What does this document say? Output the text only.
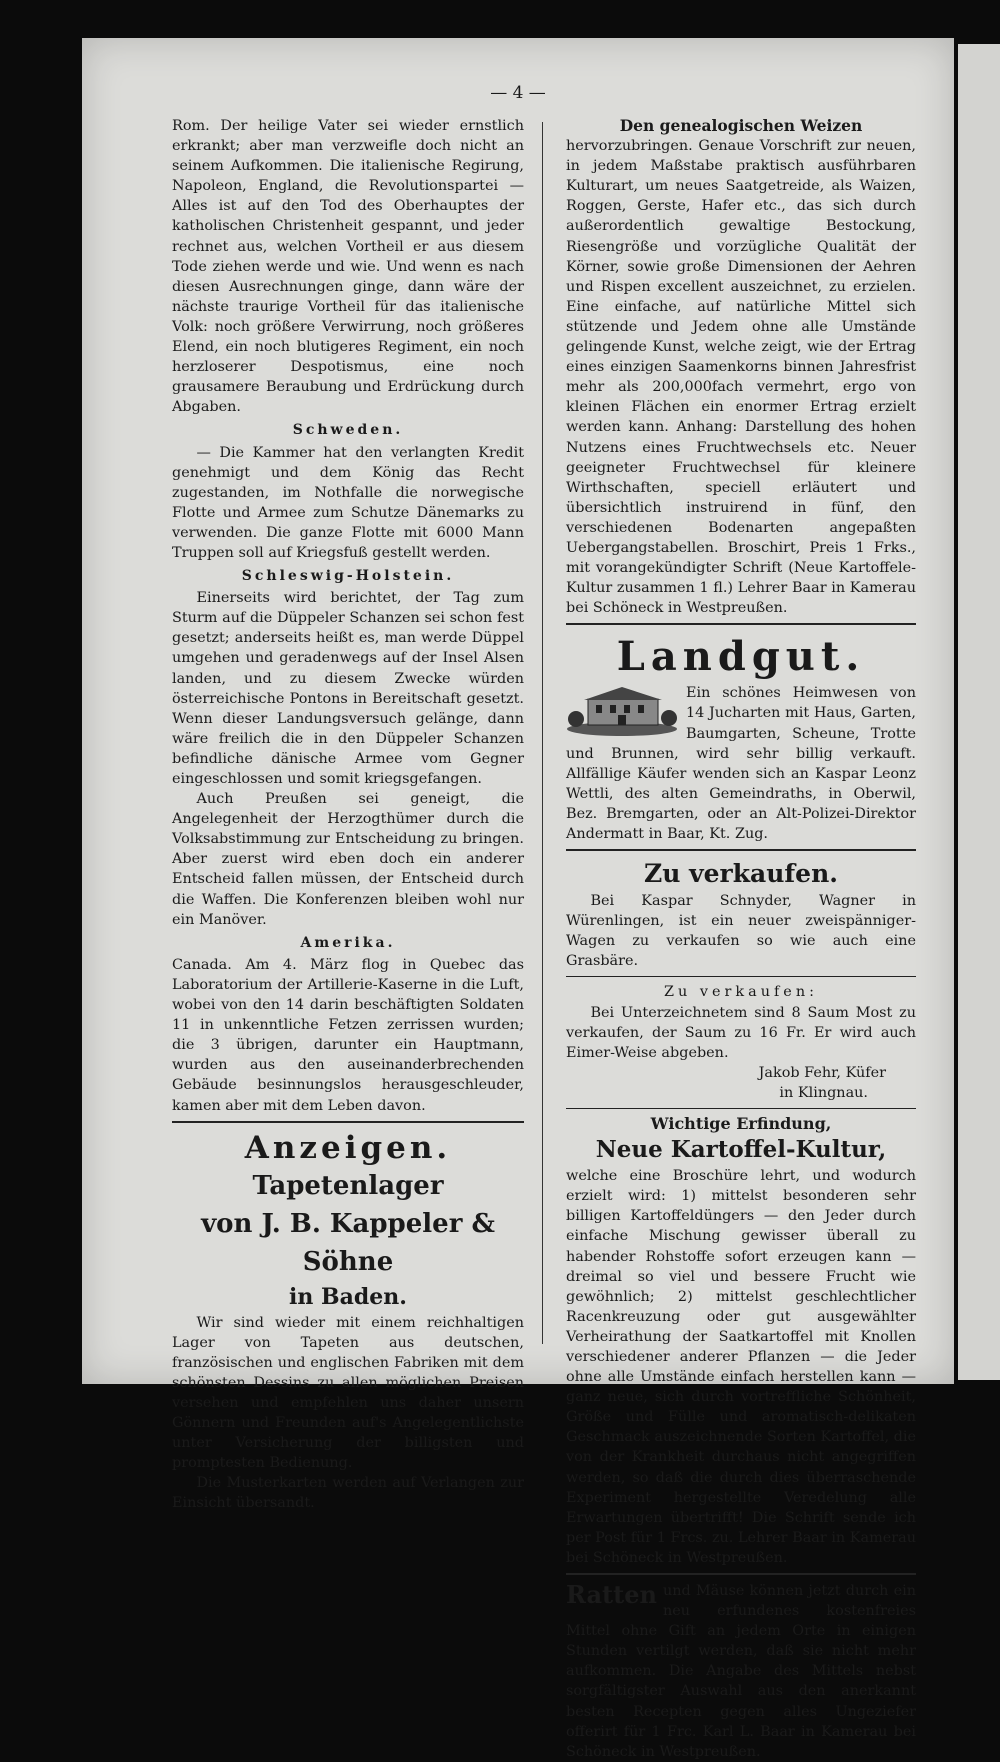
— 4 —

Rom. Der heilige Vater sei wieder ernstlich erkrankt; aber man verzweifle doch nicht an seinem Aufkommen. Die italienische Regirung, Napoleon, England, die Revolutionspartei — Alles ist auf den Tod des Oberhauptes der katholischen Christenheit gespannt, und jeder rechnet aus, welchen Vortheil er aus diesem Tode ziehen werde und wie. Und wenn es nach diesen Ausrechnungen ginge, dann wäre der nächste traurige Vortheil für das italienische Volk: noch größere Verwirrung, noch größeres Elend, ein noch blutigeres Regiment, ein noch herzloserer Despotismus, eine noch grausamere Beraubung und Erdrückung durch Abgaben.

Schweden.

— Die Kammer hat den verlangten Kredit genehmigt und dem König das Recht zugestanden, im Nothfalle die norwegische Flotte und Armee zum Schutze Dänemarks zu verwenden. Die ganze Flotte mit 6000 Mann Truppen soll auf Kriegsfuß gestellt werden.

Schleswig-Holstein.

Einerseits wird berichtet, der Tag zum Sturm auf die Düppeler Schanzen sei schon fest gesetzt; anderseits heißt es, man werde Düppel umgehen und geradenwegs auf der Insel Alsen landen, und zu diesem Zwecke würden österreichische Pontons in Bereitschaft gesetzt. Wenn dieser Landungsversuch gelänge, dann wäre freilich die in den Düppeler Schanzen befindliche dänische Armee vom Gegner eingeschlossen und somit kriegsgefangen.

Auch Preußen sei geneigt, die Angelegenheit der Herzogthümer durch die Volksabstimmung zur Entscheidung zu bringen. Aber zuerst wird eben doch ein anderer Entscheid fallen müssen, der Entscheid durch die Waffen. Die Konferenzen bleiben wohl nur ein Manöver.

Amerika.

Canada. Am 4. März flog in Quebec das Laboratorium der Artillerie-Kaserne in die Luft, wobei von den 14 darin beschäftigten Soldaten 11 in unkenntliche Fetzen zerrissen wurden; die 3 übrigen, darunter ein Hauptmann, wurden aus den auseinanderbrechenden Gebäude besinnungslos herausgeschleuder, kamen aber mit dem Leben davon.

Anzeigen.
Tapetenlager
von J. B. Kappeler & Söhne
in Baden.

Wir sind wieder mit einem reichhaltigen Lager von Tapeten aus deutschen, französischen und englischen Fabriken mit dem schönsten Dessins zu allen möglichen Preisen versehen und empfehlen uns daher unsern Gönnern und Freunden auf's Angelegentlichste unter Versicherung der billigsten und promptesten Bedienung.

Die Musterkarten werden auf Verlangen zur Einsicht übersandt.

Den genealogischen Weizen

hervorzubringen. Genaue Vorschrift zur neuen, in jedem Maßstabe praktisch ausführbaren Kulturart, um neues Saatgetreide, als Waizen, Roggen, Gerste, Hafer etc., das sich durch außerordentlich gewaltige Bestockung, Riesengröße und vorzügliche Qualität der Körner, sowie große Dimensionen der Aehren und Rispen excellent auszeichnet, zu erzielen. Eine einfache, auf natürliche Mittel sich stützende und Jedem ohne alle Umstände gelingende Kunst, welche zeigt, wie der Ertrag eines einzigen Saamenkorns binnen Jahresfrist mehr als 200,000fach vermehrt, ergo von kleinen Flächen ein enormer Ertrag erzielt werden kann. Anhang: Darstellung des hohen Nutzens eines Fruchtwechsels etc. Neuer geeigneter Fruchtwechsel für kleinere Wirthschaften, speciell erläutert und übersichtlich instruirend in fünf, den verschiedenen Bodenarten angepaßten Uebergangstabellen. Broschirt, Preis 1 Frks., mit vorangekündigter Schrift (Neue Kartoffele-Kultur zusammen 1 fl.) Lehrer Baar in Kamerau bei Schöneck in Westpreußen.

Landgut.

Ein schönes Heimwesen von 14 Jucharten mit Haus, Garten, Baumgarten, Scheune, Trotte und Brunnen, wird sehr billig verkauft. Allfällige Käufer wenden sich an Kaspar Leonz Wettli, des alten Gemeindraths, in Oberwil, Bez. Bremgarten, oder an Alt-Polizei-Direktor Andermatt in Baar, Kt. Zug.

Zu verkaufen.

Bei Kaspar Schnyder, Wagner in Würenlingen, ist ein neuer zweispänniger-Wagen zu verkaufen so wie auch eine Grasbäre.

Zu verkaufen:

Bei Unterzeichnetem sind 8 Saum Most zu verkaufen, der Saum zu 16 Fr. Er wird auch Eimer-Weise abgeben.

Jakob Fehr, Küfer
in Klingnau.
Wichtige Erfindung,
Neue Kartoffel-Kultur,

welche eine Broschüre lehrt, und wodurch erzielt wird: 1) mittelst besonderen sehr billigen Kartoffeldüngers — den Jeder durch einfache Mischung gewisser überall zu habender Rohstoffe sofort erzeugen kann — dreimal so viel und bessere Frucht wie gewöhnlich; 2) mittelst geschlechtlicher Racenkreuzung oder gut ausgewählter Verheirathung der Saatkartoffel mit Knollen verschiedener anderer Pflanzen — die Jeder ohne alle Umstände einfach herstellen kann — ganz neue, sich durch vortreffliche Schönheit, Größe und Fülle und aromatisch-delikaten Geschmack auszeichnende Sorten Kartoffel, die von der Krankheit durchaus nicht angegriffen werden, so daß die durch dies überraschende Experiment hergestellte Veredelung alle Erwartungen übertrifft! Die Schrift sende ich per Post für 1 Frcs. zu. Lehrer Baar in Kamerau bei Schöneck in Westpreußen.

Ratten und Mäuse können jetzt durch ein neu erfundenes kostenfreies Mittel ohne Gift an jedem Orte in einigen Stunden vertilgt werden, daß sie nicht mehr aufkommen. Die Angabe des Mittels nebst sorgfältigster Auswahl aus den anerkannt besten Recepten gegen alles Ungeziefer offerirt für 1 Frc. Karl L. Baar in Kamerau bei Schöneck in Westpreußen.
